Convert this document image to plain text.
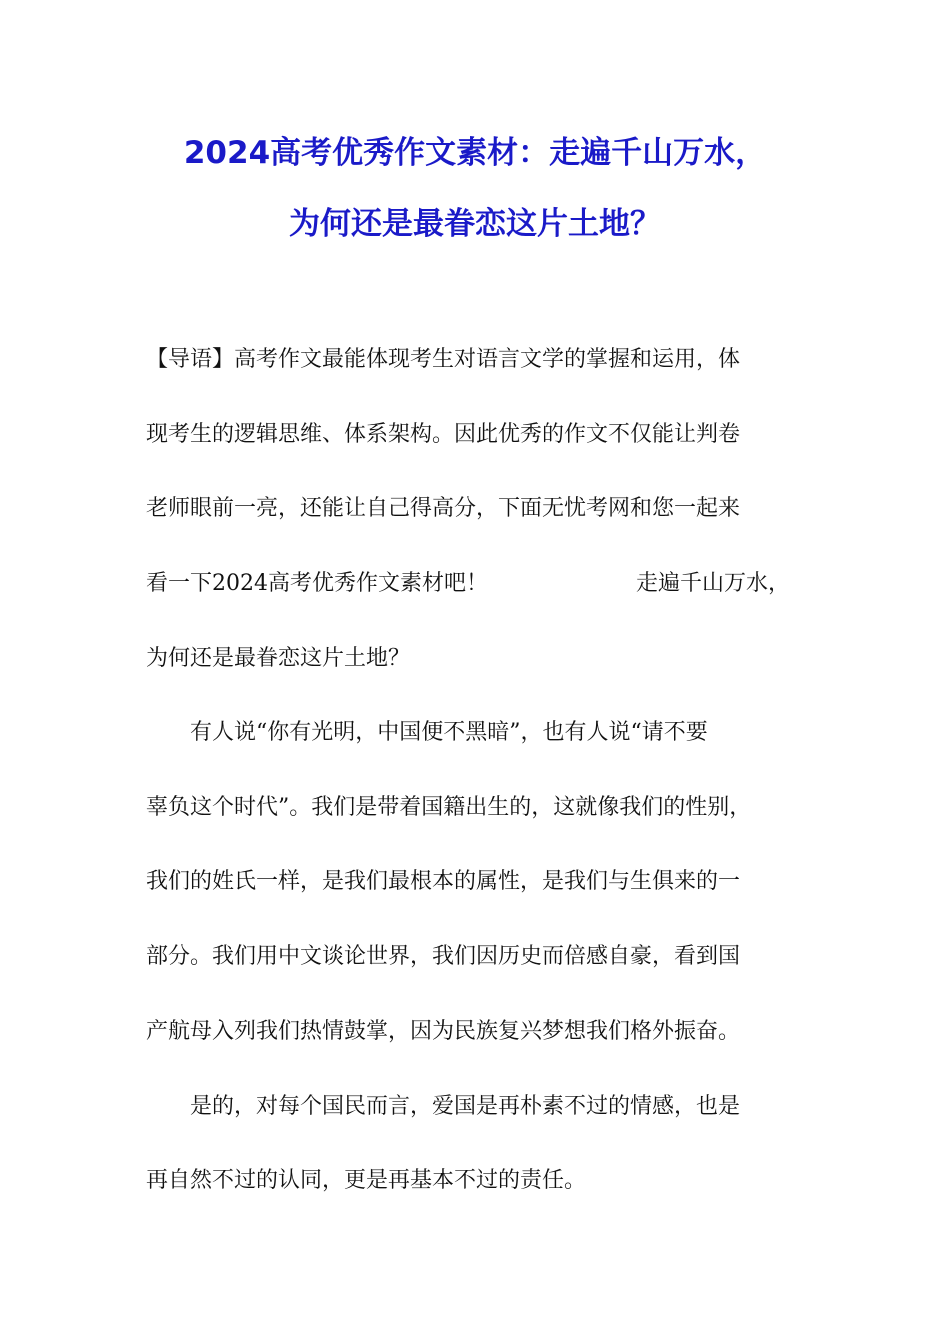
2024高考优秀作文素材：走遍千山万水，
为何还是最眷恋这片土地？
【导语】高考作文最能体现考生对语言文学的掌握和运用，体
现考生的逻辑思维、体系架构。因此优秀的作文不仅能让判卷
老师眼前一亮，还能让自己得高分，下面无忧考网和您一起来
看一下2024高考优秀作文素材吧！	走遍千山万水，
为何还是最眷恋这片土地？
　　有人说“你有光明，中国便不黑暗”，也有人说“请不要
辜负这个时代”。我们是带着国籍出生的，这就像我们的性别，
我们的姓氏一样，是我们最根本的属性，是我们与生俱来的一
部分。我们用中文谈论世界，我们因历史而倍感自豪，看到国
产航母入列我们热情鼓掌，因为民族复兴梦想我们格外振奋。
　　是的，对每个国民而言，爱国是再朴素不过的情感，也是
再自然不过的认同，更是再基本不过的责任。
